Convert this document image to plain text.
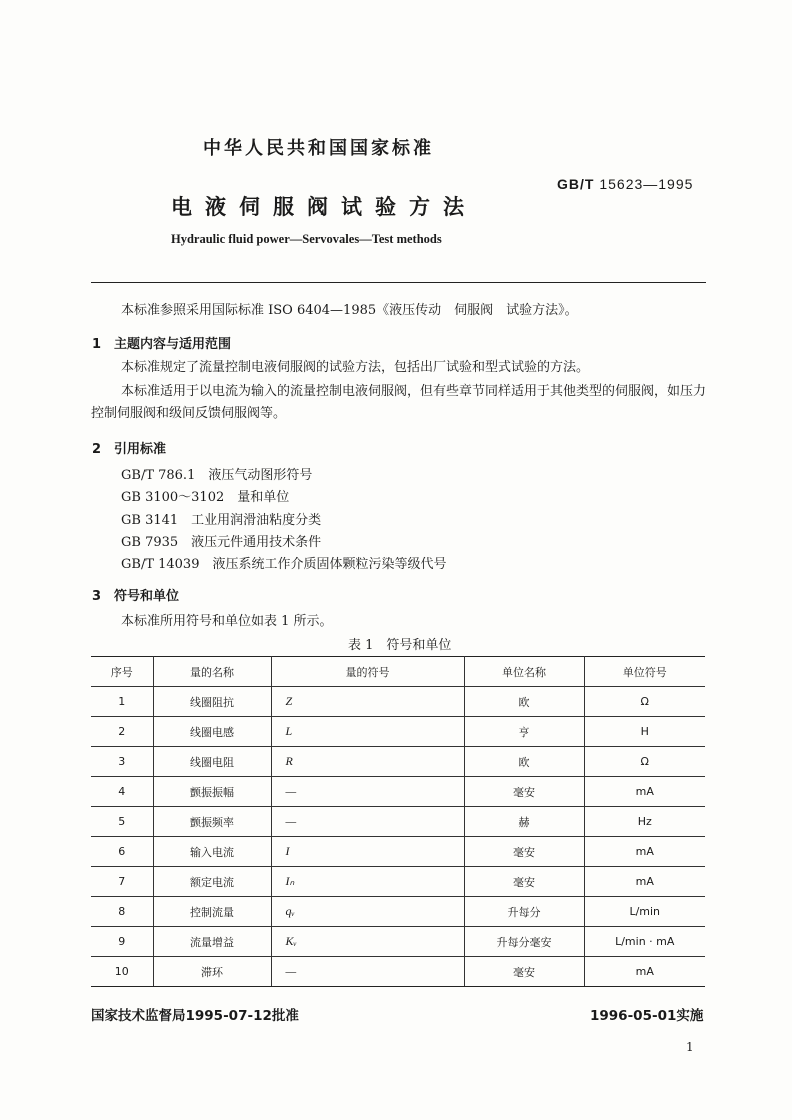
中华人民共和国国家标准
GB/T 15623—1995
电液伺服阀试验方法
Hydraulic fluid power—Servovales—Test methods
本标准参照采用国际标准 ISO 6404—1985《液压传动　伺服阀　试验方法》。
1 主题内容与适用范围
本标准规定了流量控制电液伺服阀的试验方法，包括出厂试验和型式试验的方法。
本标准适用于以电流为输入的流量控制电液伺服阀，但有些章节同样适用于其他类型的伺服阀，如压力控制伺服阀和级间反馈伺服阀等。
2 引用标准
GB/T 786.1　 液压气动图形符号
GB 3100～3102　 量和单位
GB 3141　 工业用润滑油粘度分类
GB 7935　 液压元件通用技术条件
GB/T 14039　 液压系统工作介质固体颗粒污染等级代号
3 符号和单位
本标准所用符号和单位如表 1 所示。
表 1　符号和单位
序号	量的名称	量的符号	单位名称	单位符号
1	线圈阻抗	Z	欧	Ω
2	线圈电感	L	亨	H
3	线圈电阻	R	欧	Ω
4	颤振振幅	—	毫安	mA
5	颤振频率	—	赫	Hz
6	输入电流	I	毫安	mA
7	额定电流	Iₙ	毫安	mA
8	控制流量	qᵥ	升每分	L/min
9	流量增益	Kᵥ	升每分毫安	L/min · mA
10	滞环	—	毫安	mA
国家技术监督局1995-07-12批准	1996-05-01实施
1
